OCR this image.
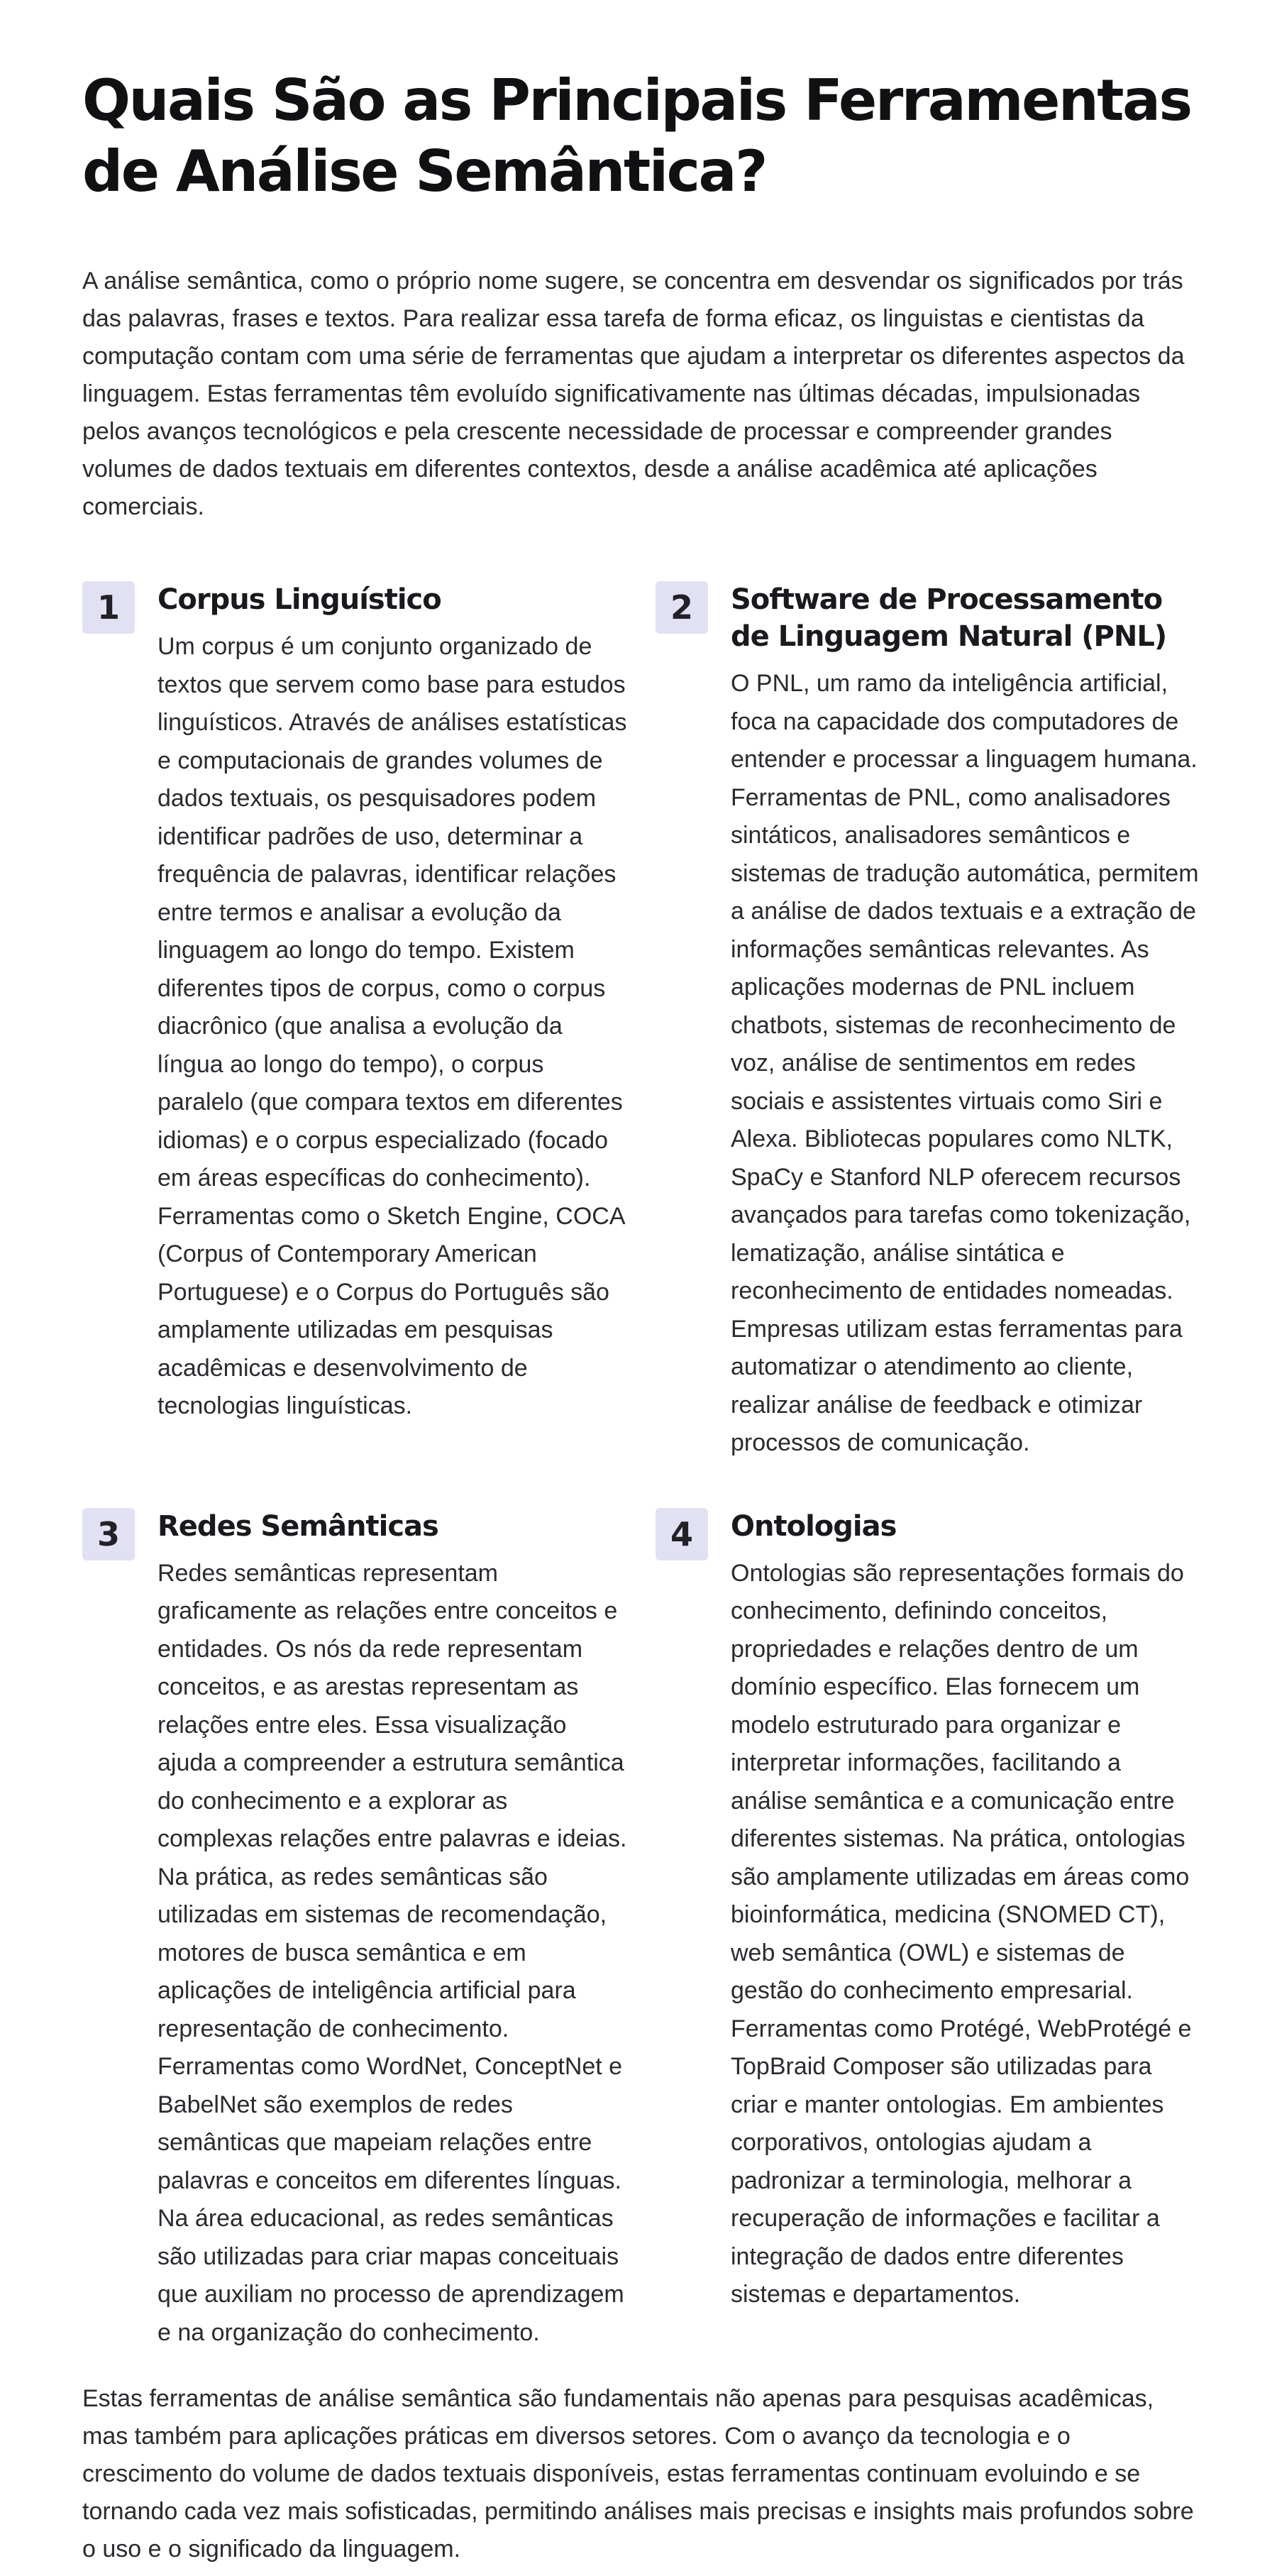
Quais São as Principais Ferramentas de Análise Semântica?

A análise semântica, como o próprio nome sugere, se concentra em desvendar os significados por trás das palavras, frases e textos. Para realizar essa tarefa de forma eficaz, os linguistas e cientistas da computação contam com uma série de ferramentas que ajudam a interpretar os diferentes aspectos da linguagem. Estas ferramentas têm evoluído significativamente nas últimas décadas, impulsionadas pelos avanços tecnológicos e pela crescente necessidade de processar e compreender grandes volumes de dados textuais em diferentes contextos, desde a análise acadêmica até aplicações comerciais.

1	Corpus Linguístico

Um corpus é um conjunto organizado de textos que servem como base para estudos linguísticos. Através de análises estatísticas e computacionais de grandes volumes de dados textuais, os pesquisadores podem identificar padrões de uso, determinar a frequência de palavras, identificar relações entre termos e analisar a evolução da linguagem ao longo do tempo. Existem diferentes tipos de corpus, como o corpus diacrônico (que analisa a evolução da língua ao longo do tempo), o corpus paralelo (que compara textos em diferentes idiomas) e o corpus especializado (focado em áreas específicas do conhecimento). Ferramentas como o Sketch Engine, COCA (Corpus of Contemporary American Portuguese) e o Corpus do Português são amplamente utilizadas em pesquisas acadêmicas e desenvolvimento de tecnologias linguísticas.

2	Software de Processamento de Linguagem Natural (PNL)

O PNL, um ramo da inteligência artificial, foca na capacidade dos computadores de entender e processar a linguagem humana. Ferramentas de PNL, como analisadores sintáticos, analisadores semânticos e sistemas de tradução automática, permitem a análise de dados textuais e a extração de informações semânticas relevantes. As aplicações modernas de PNL incluem chatbots, sistemas de reconhecimento de voz, análise de sentimentos em redes sociais e assistentes virtuais como Siri e Alexa. Bibliotecas populares como NLTK, SpaCy e Stanford NLP oferecem recursos avançados para tarefas como tokenização, lematização, análise sintática e reconhecimento de entidades nomeadas. Empresas utilizam estas ferramentas para automatizar o atendimento ao cliente, realizar análise de feedback e otimizar processos de comunicação.

3	Redes Semânticas

Redes semânticas representam graficamente as relações entre conceitos e entidades. Os nós da rede representam conceitos, e as arestas representam as relações entre eles. Essa visualização ajuda a compreender a estrutura semântica do conhecimento e a explorar as complexas relações entre palavras e ideias. Na prática, as redes semânticas são utilizadas em sistemas de recomendação, motores de busca semântica e em aplicações de inteligência artificial para representação de conhecimento. Ferramentas como WordNet, ConceptNet e BabelNet são exemplos de redes semânticas que mapeiam relações entre palavras e conceitos em diferentes línguas. Na área educacional, as redes semânticas são utilizadas para criar mapas conceituais que auxiliam no processo de aprendizagem e na organização do conhecimento.

4	Ontologias

Ontologias são representações formais do conhecimento, definindo conceitos, propriedades e relações dentro de um domínio específico. Elas fornecem um modelo estruturado para organizar e interpretar informações, facilitando a análise semântica e a comunicação entre diferentes sistemas. Na prática, ontologias são amplamente utilizadas em áreas como bioinformática, medicina (SNOMED CT), web semântica (OWL) e sistemas de gestão do conhecimento empresarial. Ferramentas como Protégé, WebProtégé e TopBraid Composer são utilizadas para criar e manter ontologias. Em ambientes corporativos, ontologias ajudam a padronizar a terminologia, melhorar a recuperação de informações e facilitar a integração de dados entre diferentes sistemas e departamentos.

Estas ferramentas de análise semântica são fundamentais não apenas para pesquisas acadêmicas, mas também para aplicações práticas em diversos setores. Com o avanço da tecnologia e o crescimento do volume de dados textuais disponíveis, estas ferramentas continuam evoluindo e se tornando cada vez mais sofisticadas, permitindo análises mais precisas e insights mais profundos sobre o uso e o significado da linguagem.
